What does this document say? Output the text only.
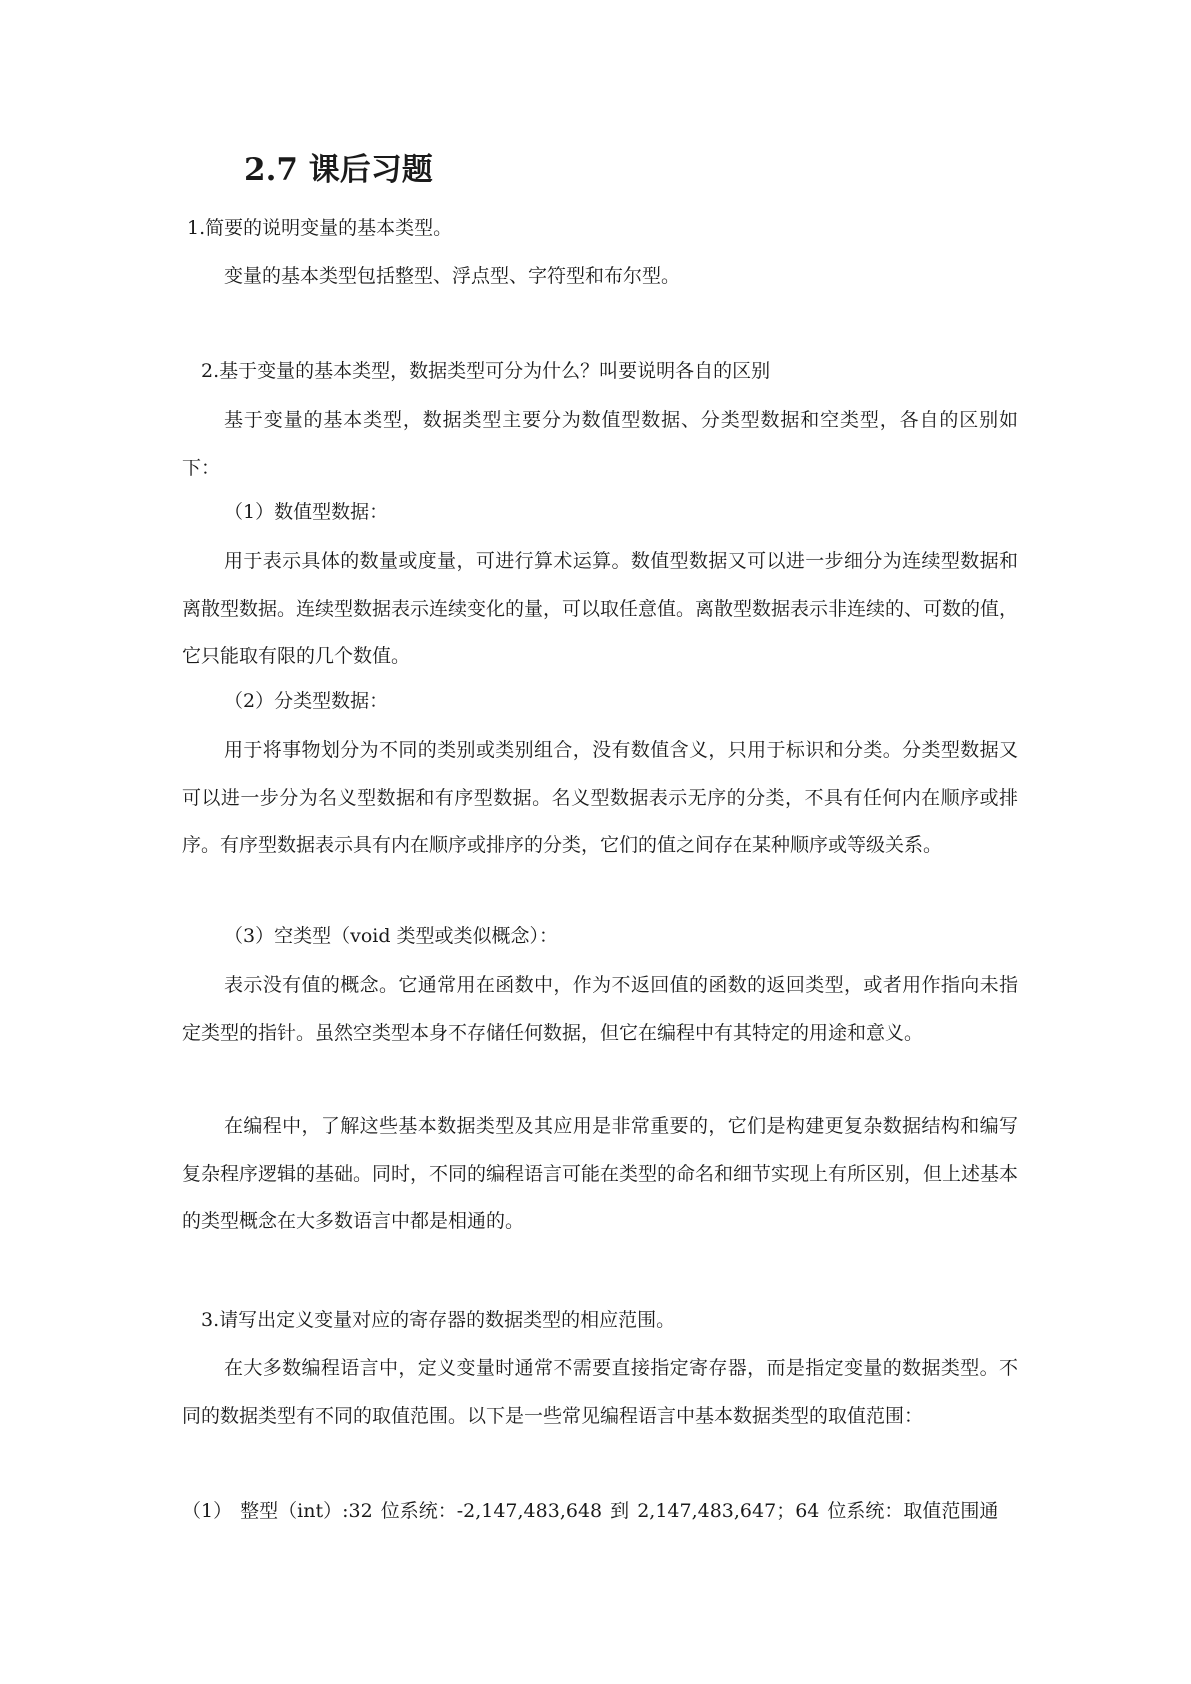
2.7 课后习题

1.简要的说明变量的基本类型。

变量的基本类型包括整型、浮点型、字符型和布尔型。

2.基于变量的基本类型，数据类型可分为什么？叫要说明各自的区别

基于变量的基本类型，数据类型主要分为数值型数据、分类型数据和空类型，各自的区别如下：

（1）数值型数据：

用于表示具体的数量或度量，可进行算术运算。数值型数据又可以进一步细分为连续型数据和离散型数据。连续型数据表示连续变化的量，可以取任意值。离散型数据表示非连续的、可数的值，它只能取有限的几个数值。

（2）分类型数据：

用于将事物划分为不同的类别或类别组合，没有数值含义，只用于标识和分类。分类型数据又可以进一步分为名义型数据和有序型数据。名义型数据表示无序的分类，不具有任何内在顺序或排序。有序型数据表示具有内在顺序或排序的分类，它们的值之间存在某种顺序或等级关系。

（3）空类型（void 类型或类似概念）：

表示没有值的概念。它通常用在函数中，作为不返回值的函数的返回类型，或者用作指向未指定类型的指针。虽然空类型本身不存储任何数据，但它在编程中有其特定的用途和意义。

在编程中，了解这些基本数据类型及其应用是非常重要的，它们是构建更复杂数据结构和编写复杂程序逻辑的基础。同时，不同的编程语言可能在类型的命名和细节实现上有所区别，但上述基本的类型概念在大多数语言中都是相通的。

3.请写出定义变量对应的寄存器的数据类型的相应范围。

在大多数编程语言中，定义变量时通常不需要直接指定寄存器，而是指定变量的数据类型。不同的数据类型有不同的取值范围。以下是一些常见编程语言中基本数据类型的取值范围：

（1） 整型（int）:32 位系统：-2,147,483,648 到 2,147,483,647；64 位系统：取值范围通
